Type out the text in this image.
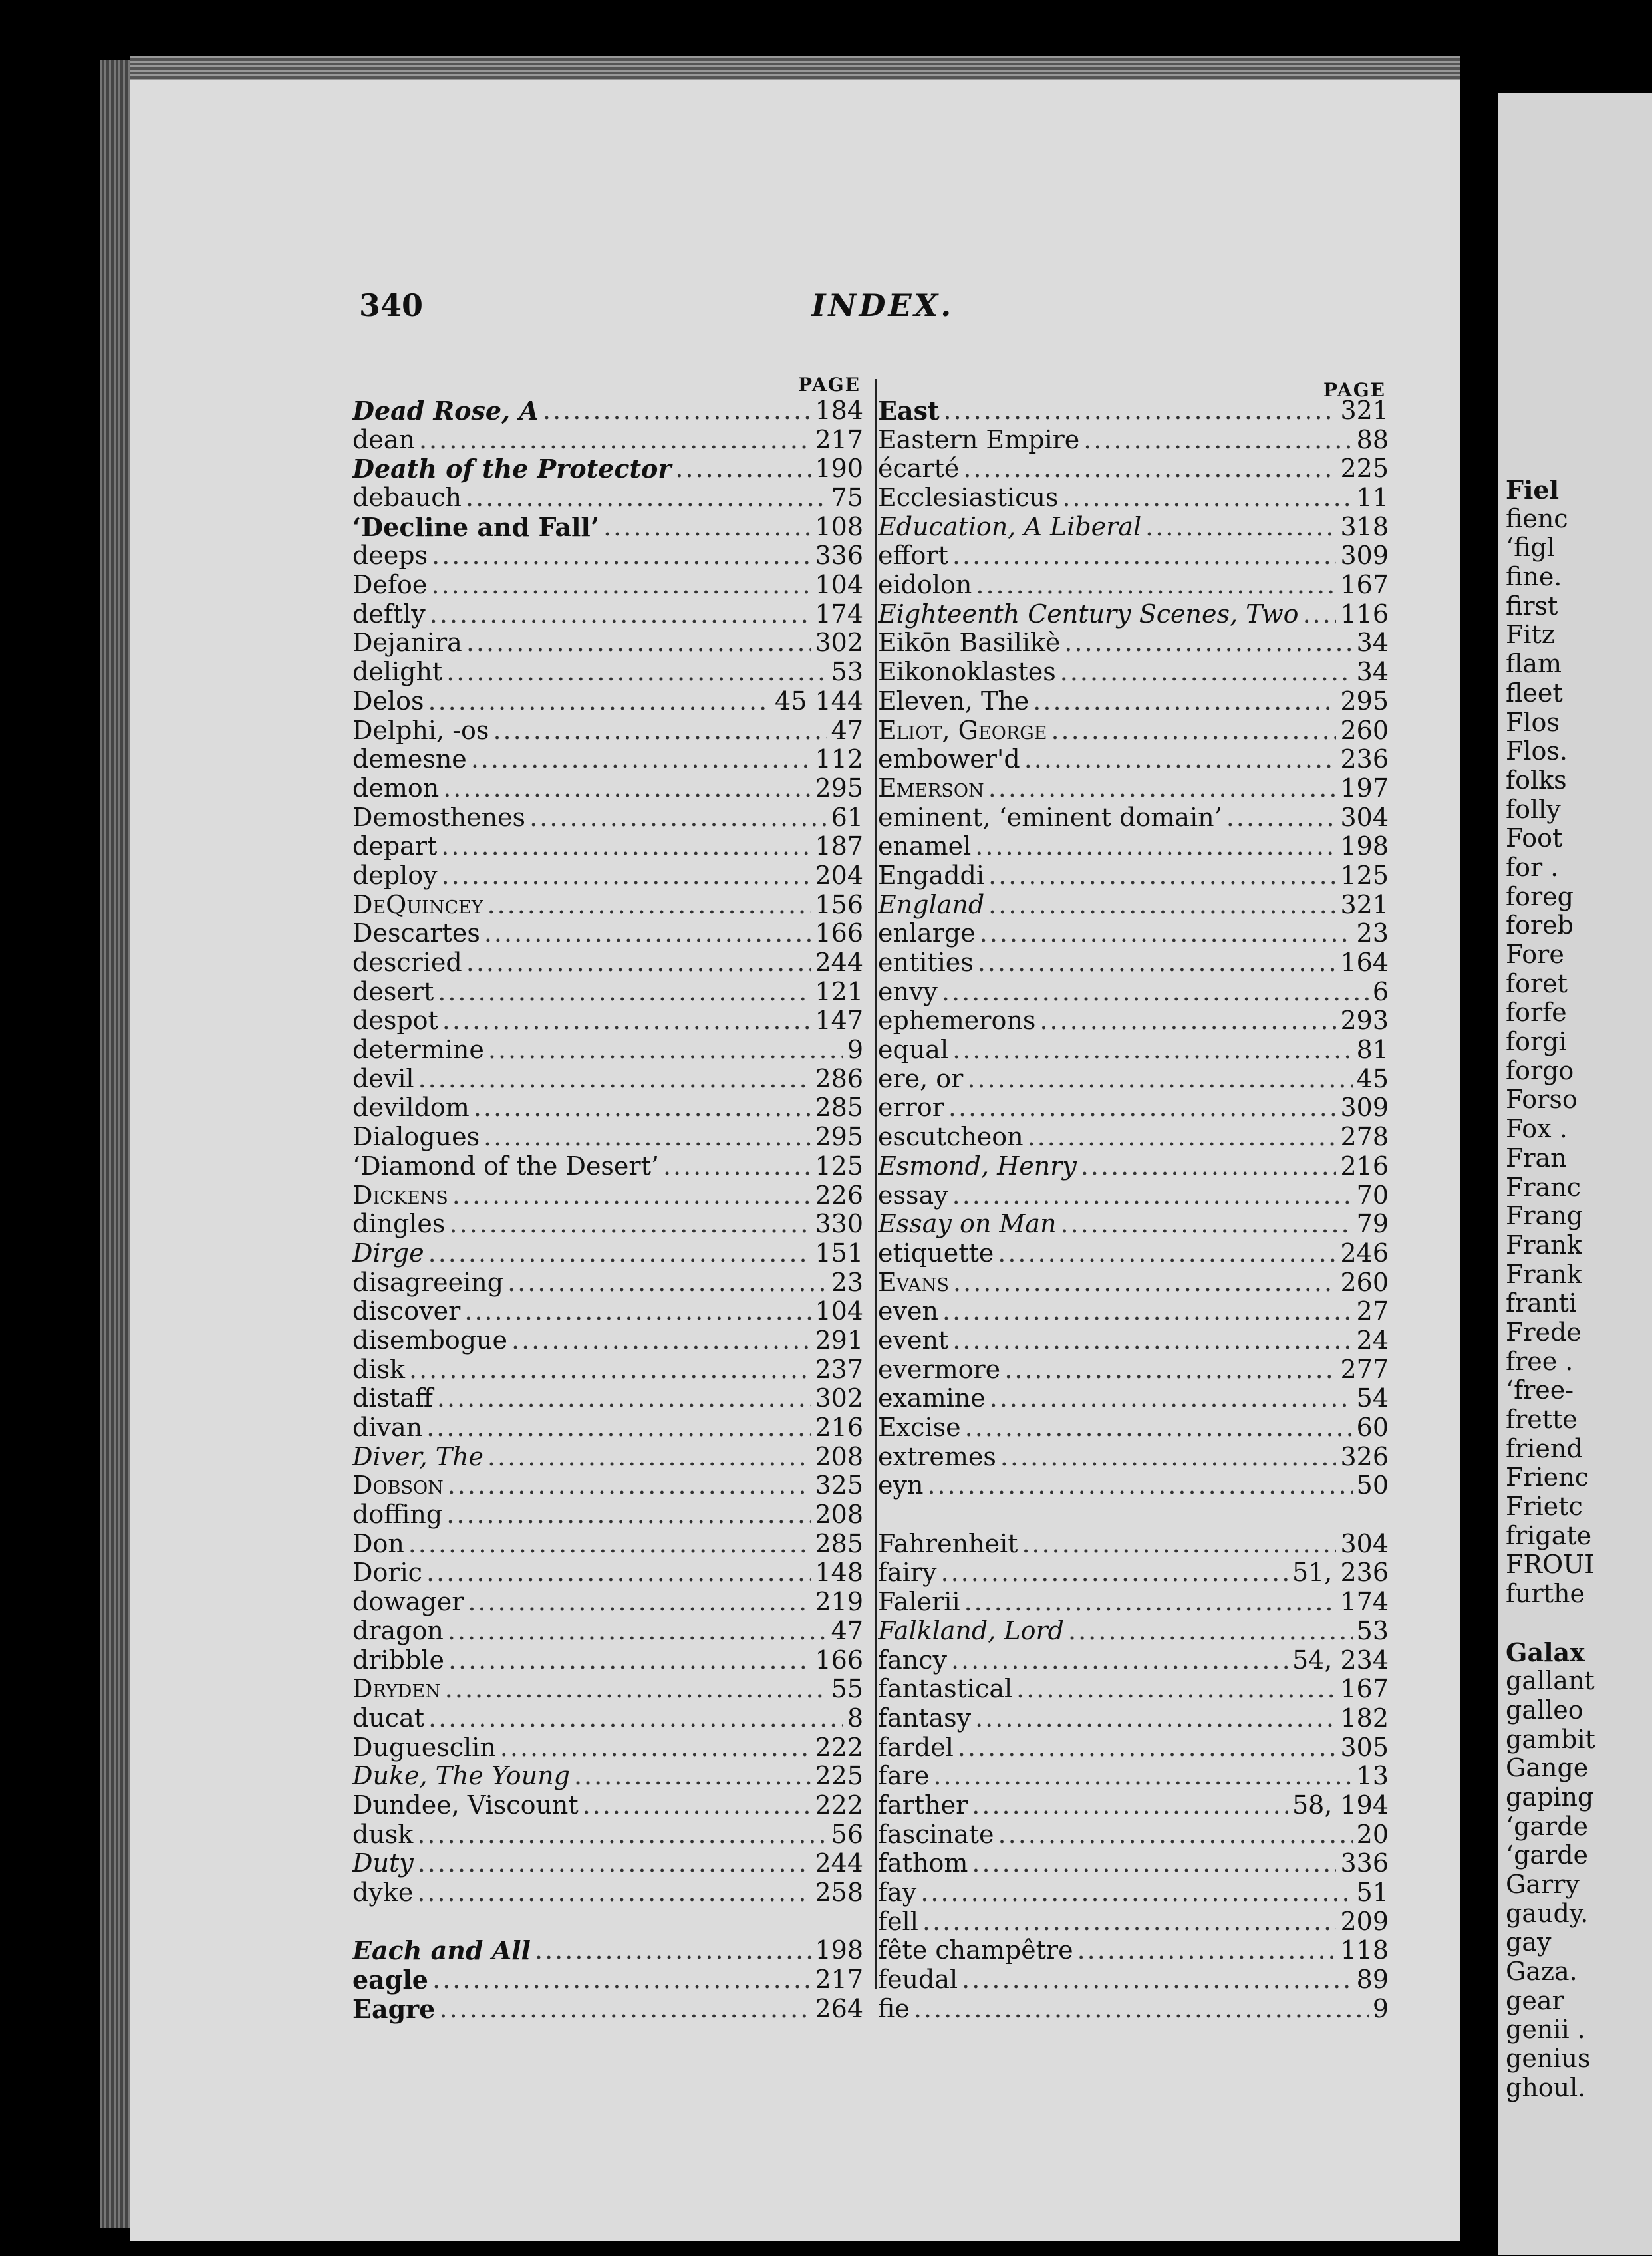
340	INDEX.
PAGE	PAGE
Dead Rose, A .....	184
dean .....	217
Death of the Protector .....	190
debauch .....	75
‘Decline and Fall’ .....	108
deeps .....	336
Defoe .....	104
deftly .....	174
Dejanira .....	302
delight .....	53
Delos .....	45 144
Delphi, -os .....	47
demesne .....	112
demon .....	295
Demosthenes .....	61
depart .....	187
deploy .....	204
DeQuincey .....	156
Descartes .....	166
descried .....	244
desert .....	121
despot .....	147
determine .....	9
devil .....	286
devildom .....	285
Dialogues .....	295
‘Diamond of the Desert’ .....	125
Dickens .....	226
dingles .....	330
Dirge .....	151
disagreeing .....	23
discover .....	104
disembogue .....	291
disk .....	237
distaff .....	302
divan .....	216
Diver, The .....	208
Dobson .....	325
doffing .....	208
Don .....	285
Doric .....	148
dowager .....	219
dragon .....	47
dribble .....	166
Dryden .....	55
ducat .....	8
Duguesclin .....	222
Duke, The Young .....	225
Dundee, Viscount .....	222
dusk .....	56
Duty .....	244
dyke .....	258
Each and All .....	198
eagle .....	217
Eagre .....	264
East .....	321
Eastern Empire .....	88
écarté .....	225
Ecclesiasticus .....	11
Education, A Liberal .....	318
effort .....	309
eidolon .....	167
Eighteenth Century Scenes, Two ..... 116
Eikōn Basilikè .....	34
Eikonoklastes .....	34
Eleven, The .....	295
Eliot, George .....	260
embower'd .....	236
Emerson .....	197
eminent, ‘eminent domain’ .....	304
enamel .....	198
Engaddi .....	125
England .....	321
enlarge .....	23
entities .....	164
envy .....	6
ephemerons .....	293
equal .....	81
ere, or .....	45
error .....	309
escutcheon .....	278
Esmond, Henry .....	216
essay .....	70
Essay on Man .....	79
etiquette .....	246
Evans .....	260
even .....	27
event .....	24
evermore .....	277
examine .....	54
Excise .....	60
extremes .....	326
eyn .....	50
Fahrenheit .....	304
fairy .....	51, 236
Falerii .....	174
Falkland, Lord .....	53
fancy .....	54, 234
fantastical .....	167
fantasy .....	182
fardel .....	305
fare .....	13
farther .....	58, 194
fascinate .....	20
fathom .....	336
fay .....	51
fell .....	209
fête champêtre .....	118
feudal .....	89
fie .....	9
Fiel
fienc
‘figl
fine.
first
Fitz
flam
fleet
Flos
Flos.
folks
folly
Foot
for .
foreg
foreb
Fore
foret
forfe
forgi
forgo
Forso
Fox .
Fran
Franc
Frang
Frank
Frank
franti
Frede
free .
‘free-
frette
friend
Frienc
Frietc
frigate
FROUI
furthe
Galax
gallant
galleo
gambit
Gange
gaping
‘garde
‘garde
Garry
gaudy.
gay
Gaza.
gear
genii .
genius
ghoul.
